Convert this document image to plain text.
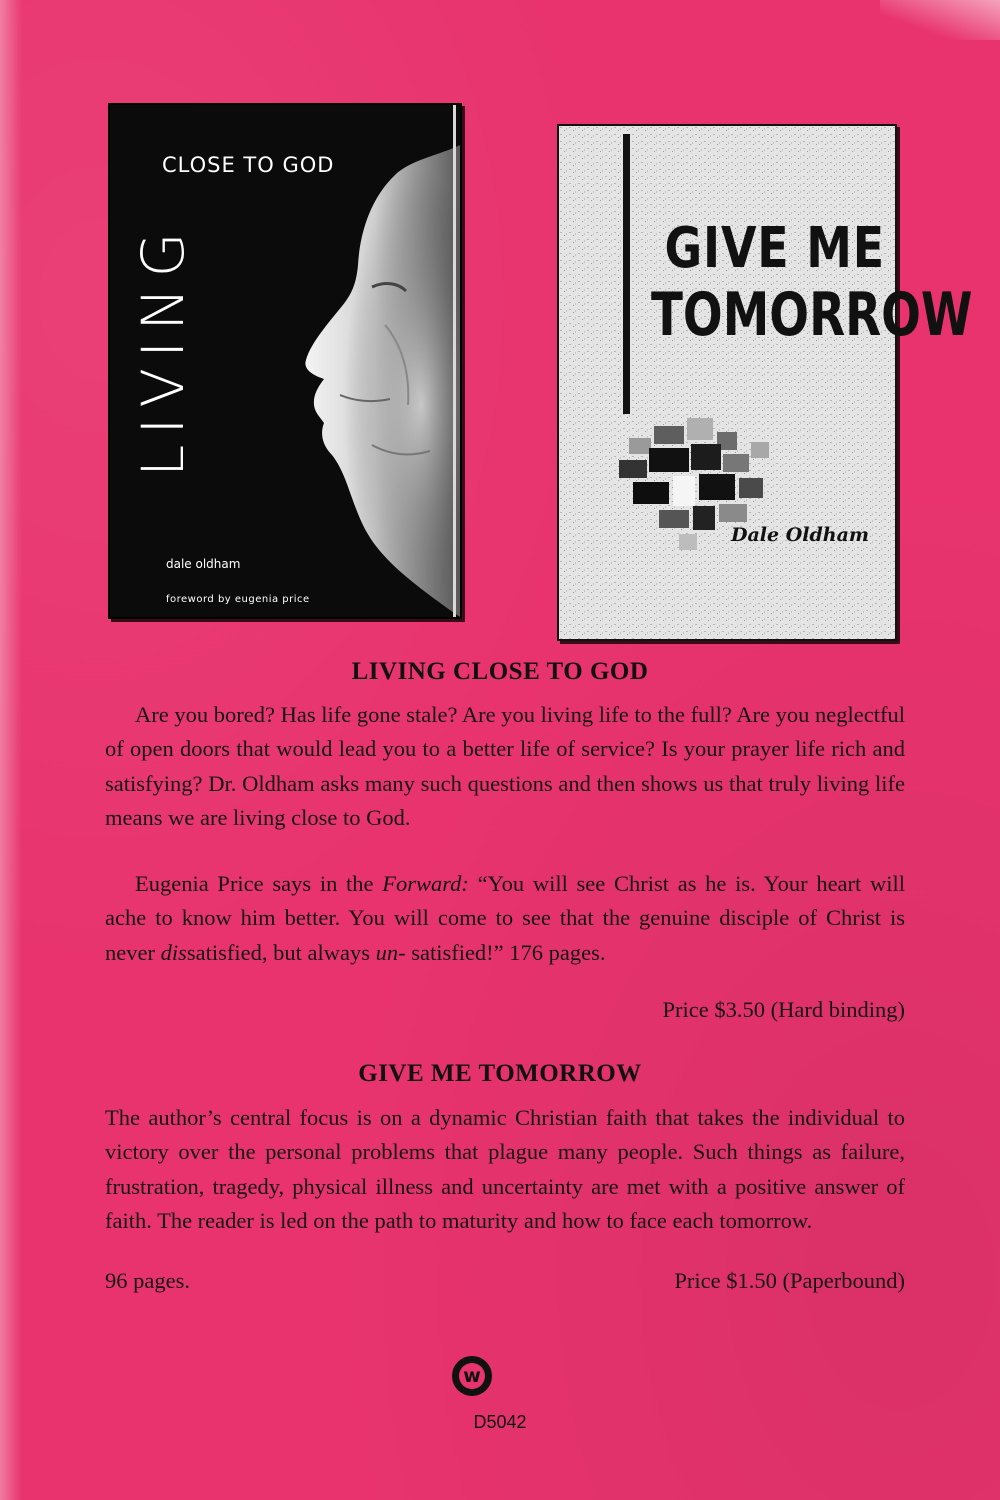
CLOSE TO GOD
LIVING
dale oldham
foreword by eugenia price
GIVE ME
TOMORROW
Dale Oldham
LIVING CLOSE TO GOD
Are you bored? Has life gone stale? Are you living life to the full? Are you neglectful of open doors that would lead you to a better life of service? Is your prayer life rich and satisfying? Dr. Oldham asks many such questions and then shows us that truly living life means we are living close to God.
Eugenia Price says in the Forward: “You will see Christ as he is. Your heart will ache to know him better. You will come to see that the genuine disciple of Christ is never dissatisfied, but always un- satisfied!” 176 pages.
Price $3.50 (Hard binding)
GIVE ME TOMORROW
The author’s central focus is on a dynamic Christian faith that takes the individual to victory over the personal problems that plague many people. Such things as failure, frustration, tragedy, physical illness and uncertainty are met with a positive answer of faith. The reader is led on the path to maturity and how to face each tomorrow.
96 pages.	Price $1.50 (Paperbound)
w
D5042
